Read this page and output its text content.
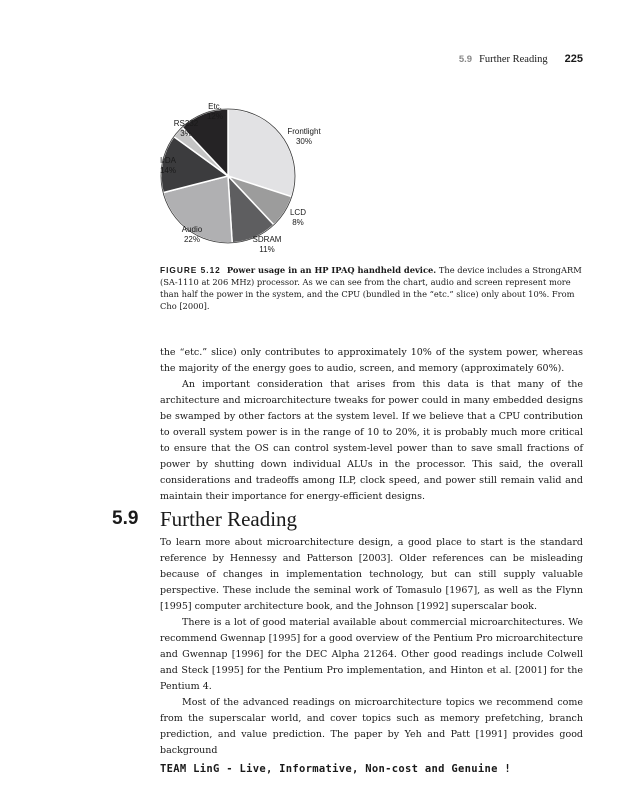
5.9 Further Reading 225
Frontlight
30%
LCD
8%
SDRAM
11%
Audio
22%
IrDA
14%
RS232
3%
Etc.
12%
FIGURE 5.12 Power usage in an HP IPAQ handheld device. The device includes a StrongARM (SA-1110 at 206 MHz) processor. As we can see from the chart, audio and screen represent more than half the power in the system, and the CPU (bundled in the “etc.” slice) only about 10%. From Cho [2000].

the “etc.” slice) only contributes to approximately 10% of the system power, whereas the majority of the energy goes to audio, screen, and memory (approximately 60%).

An important consideration that arises from this data is that many of the architecture and microarchitecture tweaks for power could in many embedded designs be swamped by other factors at the system level. If we believe that a CPU contribution to overall system power is in the range of 10 to 20%, it is probably much more critical to ensure that the OS can control system-level power than to save small fractions of power by shutting down individual ALUs in the processor. This said, the overall considerations and tradeoffs among ILP, clock speed, and power still remain valid and maintain their importance for energy-efficient designs.

5.9 Further Reading

To learn more about microarchitecture design, a good place to start is the standard reference by Hennessy and Patterson [2003]. Older references can be misleading because of changes in implementation technology, but can still supply valuable perspective. These include the seminal work of Tomasulo [1967], as well as the Flynn [1995] computer architecture book, and the Johnson [1992] superscalar book.

There is a lot of good material available about commercial microarchitectures. We recommend Gwennap [1995] for a good overview of the Pentium Pro microarchitecture and Gwennap [1996] for the DEC Alpha 21264. Other good readings include Colwell and Steck [1995] for the Pentium Pro implementation, and Hinton et al. [2001] for the Pentium 4.

Most of the advanced readings on microarchitecture topics we recommend come from the superscalar world, and cover topics such as memory prefetching, branch prediction, and value prediction. The paper by Yeh and Patt [1991] provides good background

TEAM LinG - Live, Informative, Non-cost and Genuine !
